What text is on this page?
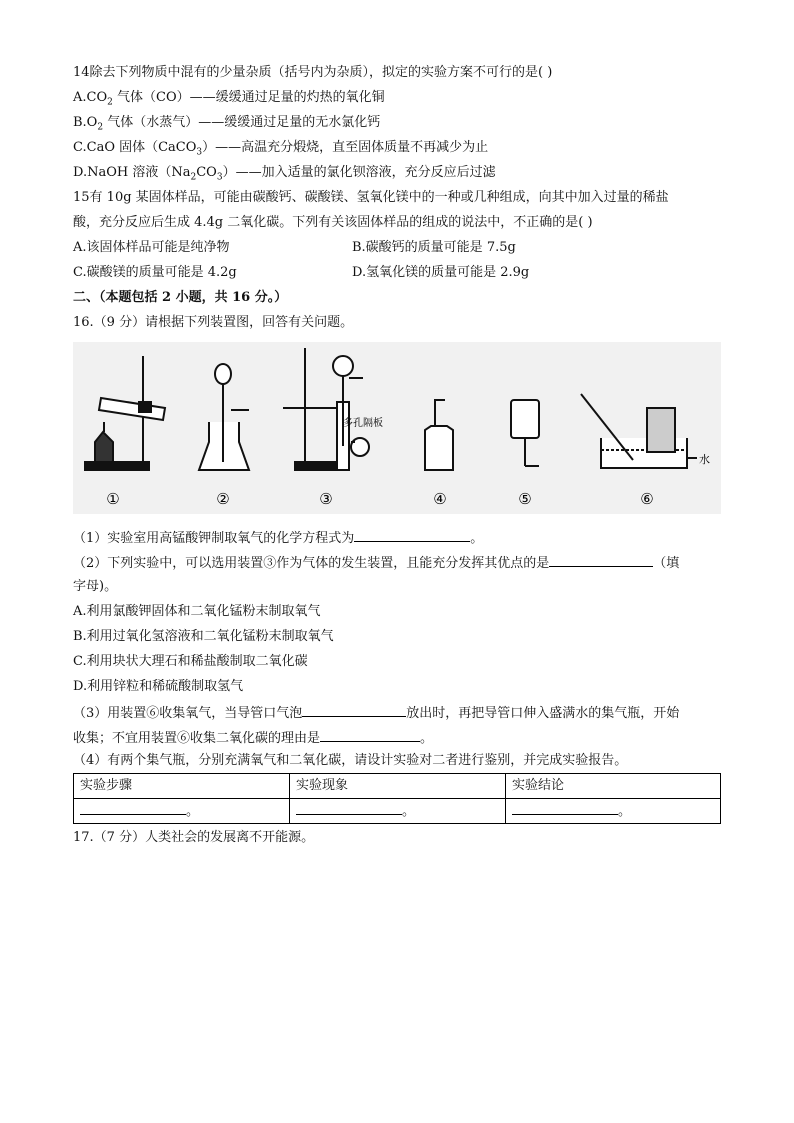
14除去下列物质中混有的少量杂质（括号内为杂质），拟定的实验方案不可行的是( )
$A.CO_2$ 气体（CO）——缓缓通过足量的灼热的氧化铜
$B.O_2$ 气体（水蒸气）——缓缓通过足量的无水氯化钙
C.CaO 固体（CaCO$_3$）——高温充分煅烧，直至固体质量不再减少为止
D.NaOH 溶液$(Na_2CO_3)——$加入适量的氯化钡溶液，充分反应后过滤
15有 10g 某固体样品，可能由碳酸钙、碳酸镁、氢氧化镁中的一种或几种组成，向其中加入过量的稀盐
酸，充分反应后生成 4.4g 二氧化碳。下列有关该固体样品的组成的说法中，不正确的是( )
A.该固体样品可能是纯净物	B.碳酸钙的质量可能是 7.5g
C.碳酸镁的质量可能是 4.2g	D.氢氧化镁的质量可能是 2.9g
二、（本题包括 2 小题，共 16 分。）
16.（9 分）请根据下列装置图，回答有关问题。
多孔隔板
水
①	②	③	④	⑤	⑥
（1）实验室用高锰酸钾制取氧气的化学方程式为	。
（2）下列实验中，可以选用装置③作为气体的发生装置，且能充分发挥其优点的是	（填
字母)。
A.利用氯酸钾固体和二氧化锰粉末制取氧气
B.利用过氧化氢溶液和二氧化锰粉末制取氧气
C.利用块状大理石和稀盐酸制取二氧化碳
D.利用锌粒和稀硫酸制取氢气
（3）用装置⑥收集氧气，当导管口气泡	放出时，再把导管口伸入盛满水的集气瓶，开始
收集；不宜用装置⑥收集二氧化碳的理由是	。
（4）有两个集气瓶，分别充满氧气和二氧化碳，请设计实验对二者进行鉴别，并完成实验报告。
实验步骤	实验现象	实验结论
。	。	。
17.（7 分）人类社会的发展离不开能源。
